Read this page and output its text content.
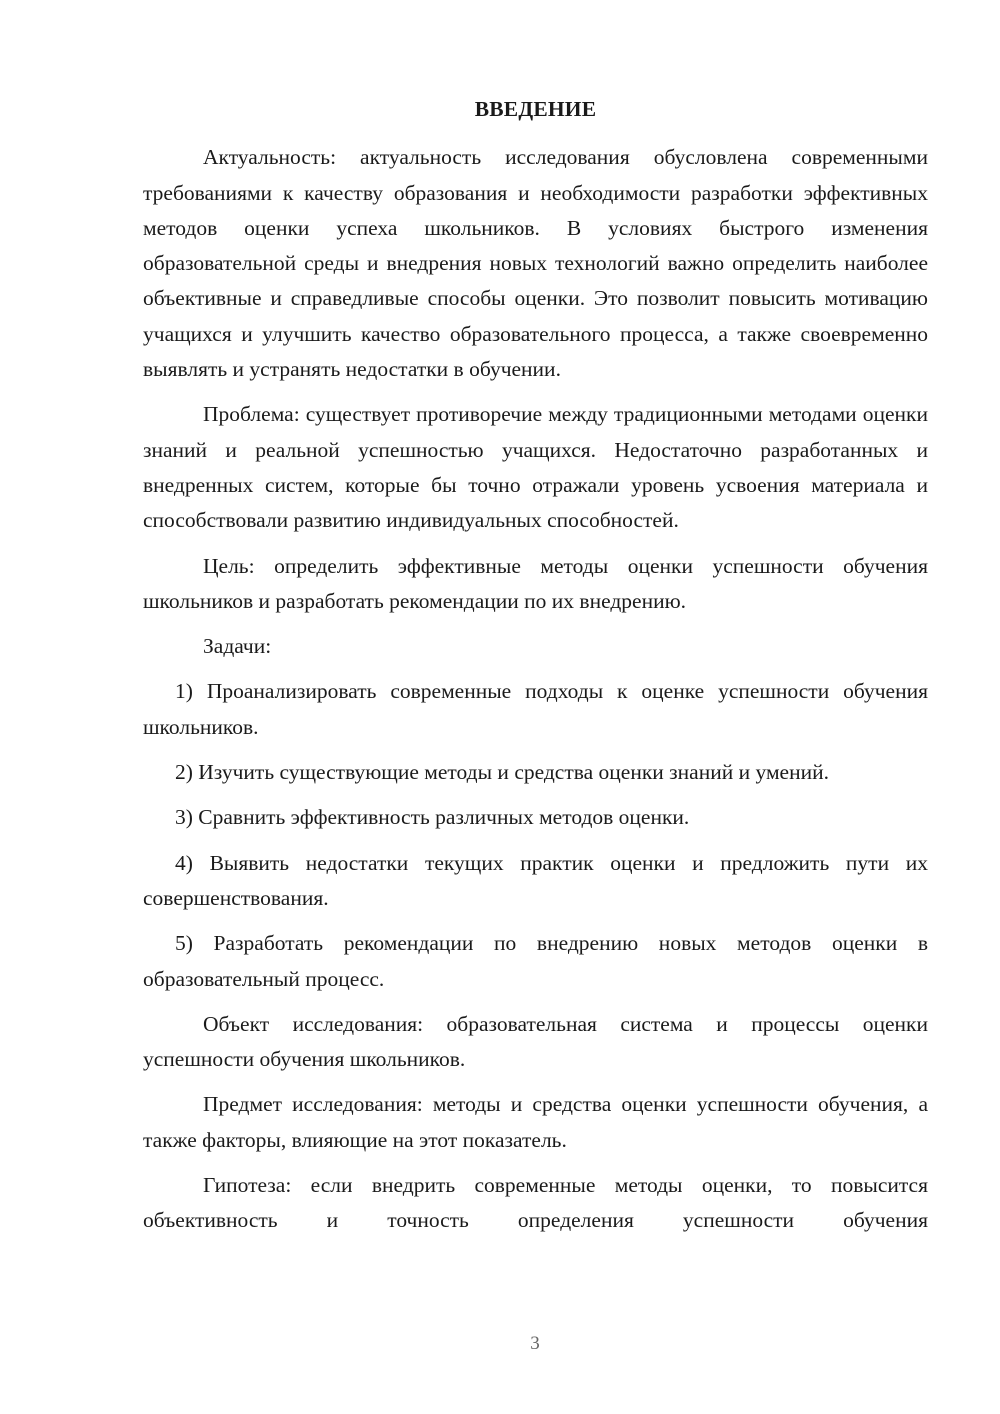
ВВЕДЕНИЕ

Актуальность: актуальность исследования обусловлена современными требованиями к качеству образования и необходимости разработки эффективных методов оценки успеха школьников. В условиях быстрого изменения образовательной среды и внедрения новых технологий важно определить наиболее объективные и справедливые способы оценки. Это позволит повысить мотивацию учащихся и улучшить качество образовательного процесса, а также своевременно выявлять и устранять недостатки в обучении.

Проблема: существует противоречие между традиционными методами оценки знаний и реальной успешностью учащихся. Недостаточно разработанных и внедренных систем, которые бы точно отражали уровень усвоения материала и способствовали развитию индивидуальных способностей.

Цель: определить эффективные методы оценки успешности обучения школьников и разработать рекомендации по их внедрению.

Задачи:

1) Проанализировать современные подходы к оценке успешности обучения школьников.

2) Изучить существующие методы и средства оценки знаний и умений.

3) Сравнить эффективность различных методов оценки.

4) Выявить недостатки текущих практик оценки и предложить пути их совершенствования.

5) Разработать рекомендации по внедрению новых методов оценки в образовательный процесс.

Объект исследования: образовательная система и процессы оценки успешности обучения школьников.

Предмет исследования: методы и средства оценки успешности обучения, а также факторы, влияющие на этот показатель.

Гипотеза: если внедрить современные методы оценки, то повысится объективность и точность определения успешности обучения

3
